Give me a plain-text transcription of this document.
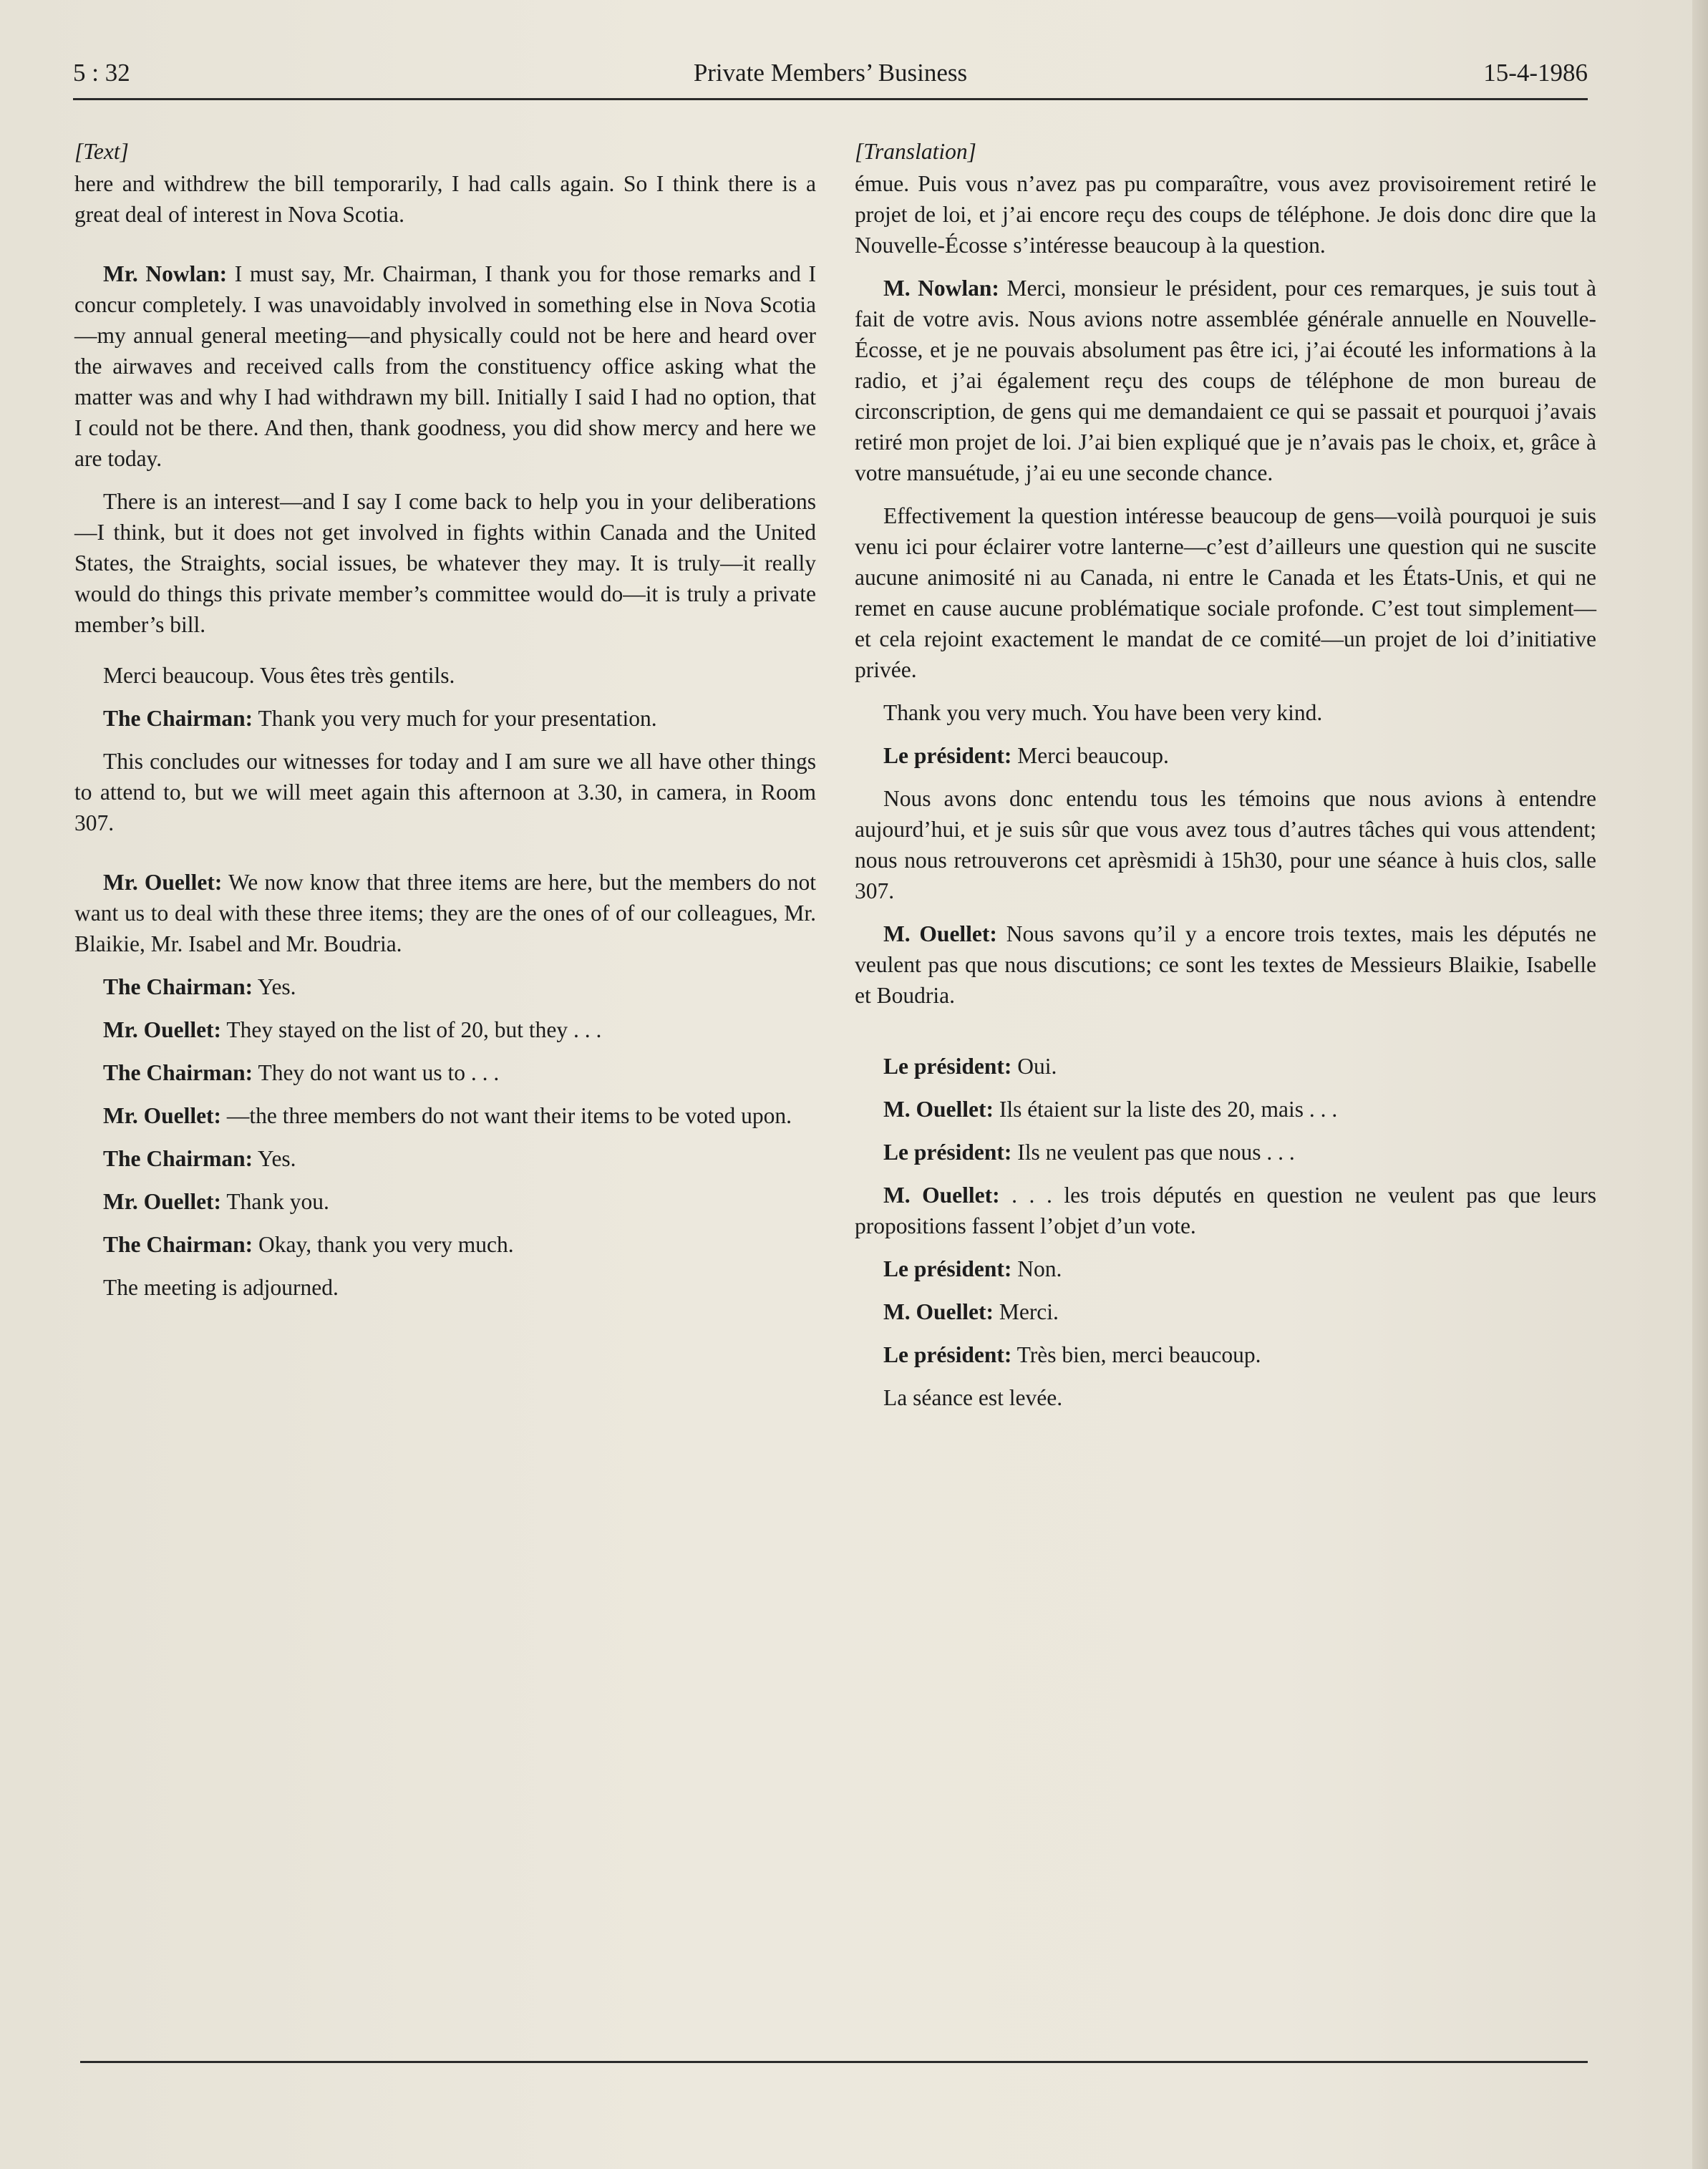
5 : 32	Private Members’ Business	15-4-1986

[Text]

here and withdrew the bill temporarily, I had calls again. So I think there is a great deal of interest in Nova Scotia.

Mr. Nowlan: I must say, Mr. Chairman, I thank you for those remarks and I concur completely. I was unavoidably involved in something else in Nova Scotia—my annual general meeting—and physically could not be here and heard over the airwaves and received calls from the constituency office asking what the matter was and why I had withdrawn my bill. Initially I said I had no option, that I could not be there. And then, thank goodness, you did show mercy and here we are today.

There is an interest—and I say I come back to help you in your deliberations—I think, but it does not get involved in fights within Canada and the United States, the Straights, social issues, be whatever they may. It is truly—it really would do things this private member’s committee would do—it is truly a private member’s bill.

Merci beaucoup. Vous êtes très gentils.

The Chairman: Thank you very much for your presentation.

This concludes our witnesses for today and I am sure we all have other things to attend to, but we will meet again this afternoon at 3.30, in camera, in Room 307.

Mr. Ouellet: We now know that three items are here, but the members do not want us to deal with these three items; they are the ones of of our colleagues, Mr. Blaikie, Mr. Isabel and Mr. Boudria.

The Chairman: Yes.

Mr. Ouellet: They stayed on the list of 20, but they . . .

The Chairman: They do not want us to . . .

Mr. Ouellet: —the three members do not want their items to be voted upon.

The Chairman: Yes.

Mr. Ouellet: Thank you.

The Chairman: Okay, thank you very much.

The meeting is adjourned.

[Translation]

émue. Puis vous n’avez pas pu comparaître, vous avez provisoirement retiré le projet de loi, et j’ai encore reçu des coups de téléphone. Je dois donc dire que la Nouvelle-Écosse s’intéresse beaucoup à la question.

M. Nowlan: Merci, monsieur le président, pour ces remarques, je suis tout à fait de votre avis. Nous avions notre assemblée générale annuelle en Nouvelle-Écosse, et je ne pouvais absolument pas être ici, j’ai écouté les informations à la radio, et j’ai également reçu des coups de téléphone de mon bureau de circonscription, de gens qui me demandaient ce qui se passait et pourquoi j’avais retiré mon projet de loi. J’ai bien expliqué que je n’avais pas le choix, et, grâce à votre mansuétude, j’ai eu une seconde chance.

Effectivement la question intéresse beaucoup de gens—voilà pourquoi je suis venu ici pour éclairer votre lanterne—c’est d’ailleurs une question qui ne suscite aucune animosité ni au Canada, ni entre le Canada et les États-Unis, et qui ne remet en cause aucune problématique sociale profonde. C’est tout simplement—et cela rejoint exactement le mandat de ce comité—un projet de loi d’initiative privée.

Thank you very much. You have been very kind.

Le président: Merci beaucoup.

Nous avons donc entendu tous les témoins que nous avions à entendre aujourd’hui, et je suis sûr que vous avez tous d’autres tâches qui vous attendent; nous nous retrouverons cet aprèsmidi à 15h30, pour une séance à huis clos, salle 307.

M. Ouellet: Nous savons qu’il y a encore trois textes, mais les députés ne veulent pas que nous discutions; ce sont les textes de Messieurs Blaikie, Isabelle et Boudria.

Le président: Oui.

M. Ouellet: Ils étaient sur la liste des 20, mais . . .

Le président: Ils ne veulent pas que nous . . .

M. Ouellet: . . . les trois députés en question ne veulent pas que leurs propositions fassent l’objet d’un vote.

Le président: Non.

M. Ouellet: Merci.

Le président: Très bien, merci beaucoup.

La séance est levée.
